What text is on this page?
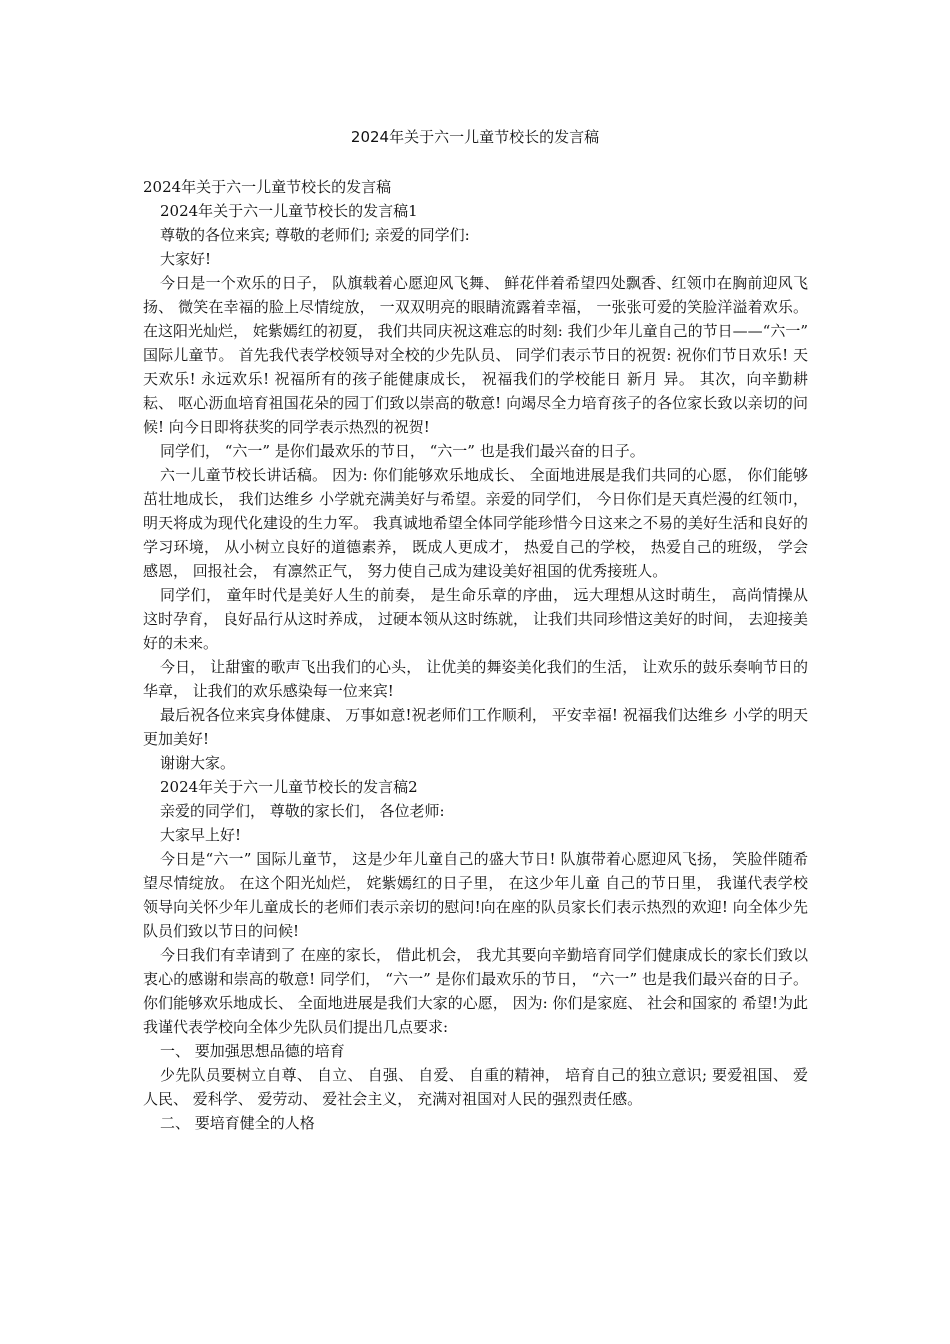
2024年关于六一儿童节校长的发言稿

2024年关于六一儿童节校长的发言稿

2024年关于六一儿童节校长的发言稿1

尊敬的各位来宾; 尊敬的老师们; 亲爱的同学们:

大家好!

今日是一个欢乐的日子， 队旗载着心愿迎风飞舞、 鲜花伴着希望四处飘香、红领巾在胸前迎风飞扬、 微笑在幸福的脸上尽情绽放， 一双双明亮的眼睛流露着幸福， 一张张可爱的笑脸洋溢着欢乐。 在这阳光灿烂， 姹紫嫣红的初夏， 我们共同庆祝这难忘的时刻: 我们少年儿童自己的节日——“六一” 国际儿童节。 首先我代表学校领导对全校的少先队员、 同学们表示节日的祝贺: 祝你们节日欢乐! 天天欢乐! 永远欢乐! 祝福所有的孩子能健康成长， 祝福我们的学校能日 新月 异。 其次，向辛勤耕耘、 呕心沥血培育祖国花朵的园丁们致以崇高的敬意! 向竭尽全力培育孩子的各位家长致以亲切的问候! 向今日即将获奖的同学表示热烈的祝贺!

同学们， “六一” 是你们最欢乐的节日， “六一” 也是我们最兴奋的日子。

六一儿童节校长讲话稿。 因为: 你们能够欢乐地成长、 全面地进展是我们共同的心愿， 你们能够茁壮地成长， 我们达维乡 小学就充满美好与希望。亲爱的同学们， 今日你们是天真烂漫的红领巾， 明天将成为现代化建设的生力军。 我真诚地希望全体同学能珍惜今日这来之不易的美好生活和良好的学习环境， 从小树立良好的道德素养， 既成人更成才， 热爱自己的学校， 热爱自己的班级， 学会感恩， 回报社会， 有凛然正气， 努力使自己成为建设美好祖国的优秀接班人。

同学们， 童年时代是美好人生的前奏， 是生命乐章的序曲， 远大理想从这时萌生， 高尚情操从这时孕育， 良好品行从这时养成， 过硬本领从这时练就， 让我们共同珍惜这美好的时间， 去迎接美好的未来。

今日， 让甜蜜的歌声飞出我们的心头， 让优美的舞姿美化我们的生活， 让欢乐的鼓乐奏响节日的华章， 让我们的欢乐感染每一位来宾!

最后祝各位来宾身体健康、 万事如意!祝老师们工作顺利， 平安幸福! 祝福我们达维乡 小学的明天更加美好!

谢谢大家。

2024年关于六一儿童节校长的发言稿2

亲爱的同学们， 尊敬的家长们， 各位老师:

大家早上好!

今日是“六一” 国际儿童节， 这是少年儿童自己的盛大节日! 队旗带着心愿迎风飞扬， 笑脸伴随希望尽情绽放。 在这个阳光灿烂， 姹紫嫣红的日子里， 在这少年儿童 自己的节日里， 我谨代表学校领导向关怀少年儿童成长的老师们表示亲切的慰问!向在座的队员家长们表示热烈的欢迎! 向全体少先队员们致以节日的问候!

今日我们有幸请到了 在座的家长， 借此机会， 我尤其要向辛勤培育同学们健康成长的家长们致以衷心的感谢和崇高的敬意! 同学们， “六一” 是你们最欢乐的节日， “六一” 也是我们最兴奋的日子。 你们能够欢乐地成长、 全面地进展是我们大家的心愿， 因为: 你们是家庭、 社会和国家的 希望!为此我谨代表学校向全体少先队员们提出几点要求:

一、 要加强思想品德的培育

少先队员要树立自尊、 自立、 自强、 自爱、 自重的精神， 培育自己的独立意识; 要爱祖国、 爱人民、 爱科学、 爱劳动、 爱社会主义， 充满对祖国对人民的强烈责任感。

二、 要培育健全的人格
